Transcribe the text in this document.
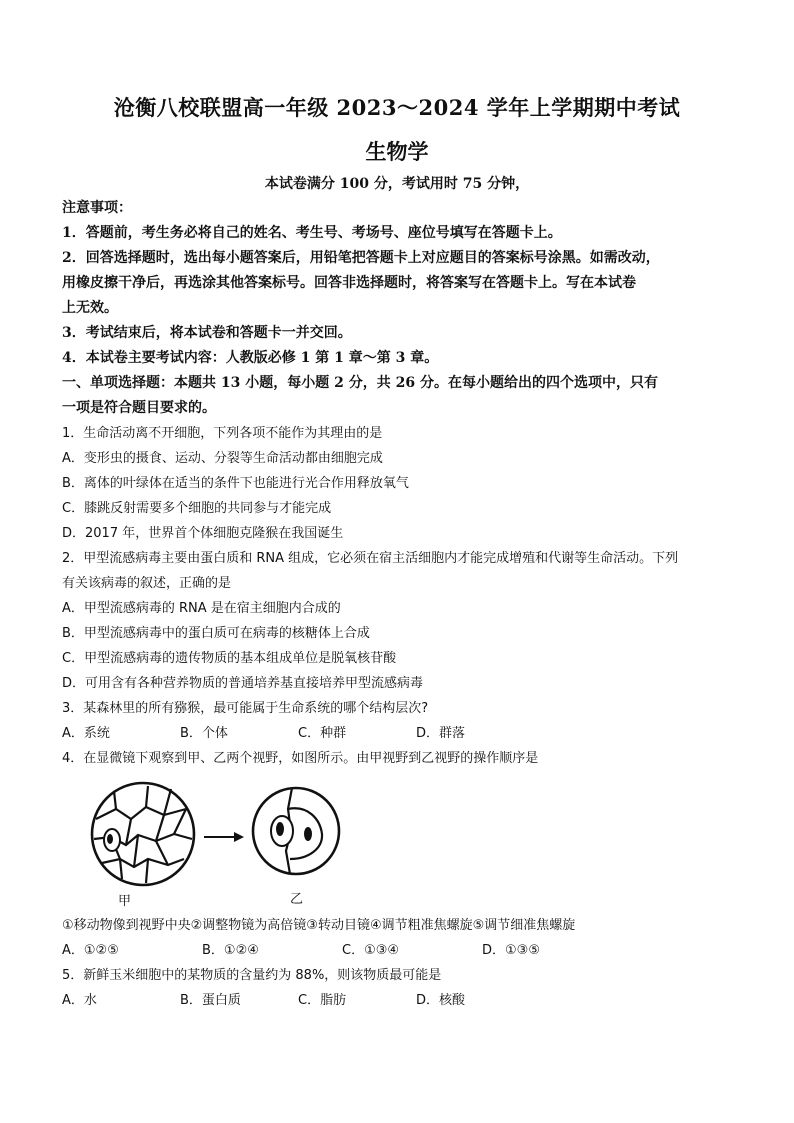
沧衡八校联盟高一年级 2023～2024 学年上学期期中考试
生物学
本试卷满分 100 分，考试用时 75 分钟，
注意事项：
1．答题前，考生务必将自己的姓名、考生号、考场号、座位号填写在答题卡上。
2．回答选择题时，选出每小题答案后，用铅笔把答题卡上对应题目的答案标号涂黑。如需改动，
用橡皮擦干净后，再选涂其他答案标号。回答非选择题时，将答案写在答题卡上。写在本试卷
上无效。
3．考试结束后，将本试卷和答题卡一并交回。
4．本试卷主要考试内容：人教版必修 1 第 1 章～第 3 章。
一、单项选择题：本题共 13 小题，每小题 2 分，共 26 分。在每小题给出的四个选项中，只有
一项是符合题目要求的。
1．生命活动离不开细胞，下列各项不能作为其理由的是
A．变形虫的摄食、运动、分裂等生命活动都由细胞完成
B．离体的叶绿体在适当的条件下也能进行光合作用释放氧气
C．膝跳反射需要多个细胞的共同参与才能完成
D．2017 年，世界首个体细胞克隆猴在我国诞生
2．甲型流感病毒主要由蛋白质和 RNA 组成，它必须在宿主活细胞内才能完成增殖和代谢等生命活动。下列
有关该病毒的叙述，正确的是
A．甲型流感病毒的 RNA 是在宿主细胞内合成的
B．甲型流感病毒中的蛋白质可在病毒的核糖体上合成
C．甲型流感病毒的遗传物质的基本组成单位是脱氧核苷酸
D．可用含有各种营养物质的普通培养基直接培养甲型流感病毒
3．某森林里的所有猕猴，最可能属于生命系统的哪个结构层次?
A．系统	B．个体	C．种群	D．群落
4．在显微镜下观察到甲、乙两个视野，如图所示。由甲视野到乙视野的操作顺序是
甲	乙
①移动物像到视野中央②调整物镜为高倍镜③转动目镜④调节粗准焦螺旋⑤调节细准焦螺旋
A．①②⑤	B．①②④	C．①③④	D．①③⑤
5．新鲜玉米细胞中的某物质的含量约为 88%，则该物质最可能是
A．水	B．蛋白质	C．脂肪	D．核酸
